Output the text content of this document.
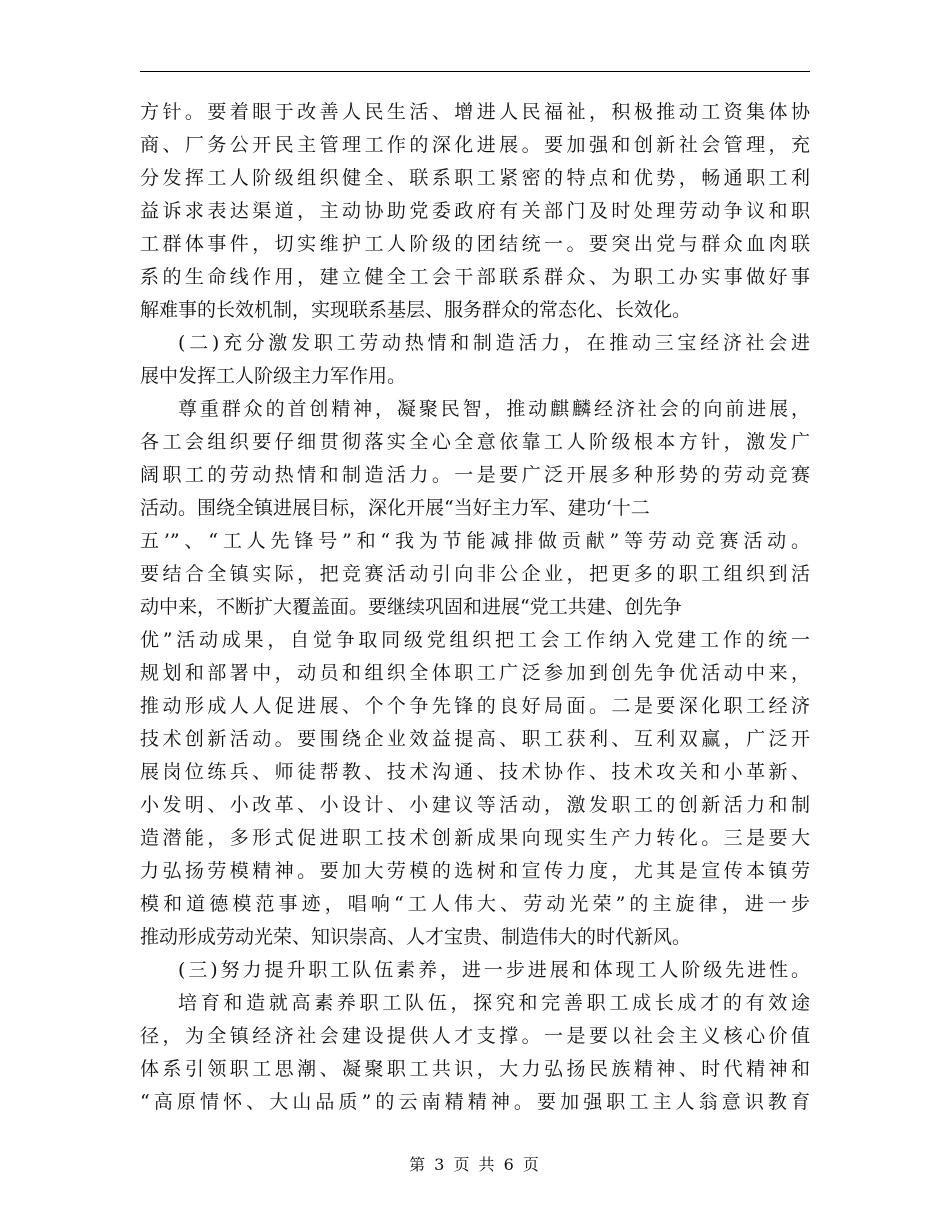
方针。要着眼于改善人民生活、增进人民福祉，积极推动工资集体协
商、厂务公开民主管理工作的深化进展。要加强和创新社会管理，充
分发挥工人阶级组织健全、联系职工紧密的特点和优势，畅通职工利
益诉求表达渠道，主动协助党委政府有关部门及时处理劳动争议和职
工群体事件，切实维护工人阶级的团结统一。要突出党与群众血肉联
系的生命线作用，建立健全工会干部联系群众、为职工办实事做好事
解难事的长效机制，实现联系基层、服务群众的常态化、长效化。
(二)充分激发职工劳动热情和制造活力，在推动三宝经济社会进
展中发挥工人阶级主力军作用。
尊重群众的首创精神，凝聚民智，推动麒麟经济社会的向前进展，
各工会组织要仔细贯彻落实全心全意依靠工人阶级根本方针，激发广
阔职工的劳动热情和制造活力。一是要广泛开展多种形势的劳动竞赛
活动。围绕全镇进展目标，深化开展“当好主力军、建功‘十二
五’”、“工人先锋号”和“我为节能减排做贡献”等劳动竞赛活动。
要结合全镇实际，把竞赛活动引向非公企业，把更多的职工组织到活
动中来，不断扩大覆盖面。要继续巩固和进展“党工共建、创先争
优”活动成果，自觉争取同级党组织把工会工作纳入党建工作的统一
规划和部署中，动员和组织全体职工广泛参加到创先争优活动中来，
推动形成人人促进展、个个争先锋的良好局面。二是要深化职工经济
技术创新活动。要围绕企业效益提高、职工获利、互利双赢，广泛开
展岗位练兵、师徒帮教、技术沟通、技术协作、技术攻关和小革新、
小发明、小改革、小设计、小建议等活动，激发职工的创新活力和制
造潜能，多形式促进职工技术创新成果向现实生产力转化。三是要大
力弘扬劳模精神。要加大劳模的选树和宣传力度，尤其是宣传本镇劳
模和道德模范事迹，唱响“工人伟大、劳动光荣”的主旋律，进一步
推动形成劳动光荣、知识崇高、人才宝贵、制造伟大的时代新风。
(三)努力提升职工队伍素养，进一步进展和体现工人阶级先进性。
培育和造就高素养职工队伍，探究和完善职工成长成才的有效途
径，为全镇经济社会建设提供人才支撑。一是要以社会主义核心价值
体系引领职工思潮、凝聚职工共识，大力弘扬民族精神、时代精神和
“高原情怀、大山品质”的云南精精神。要加强职工主人翁意识教育
第 3 页 共 6 页
